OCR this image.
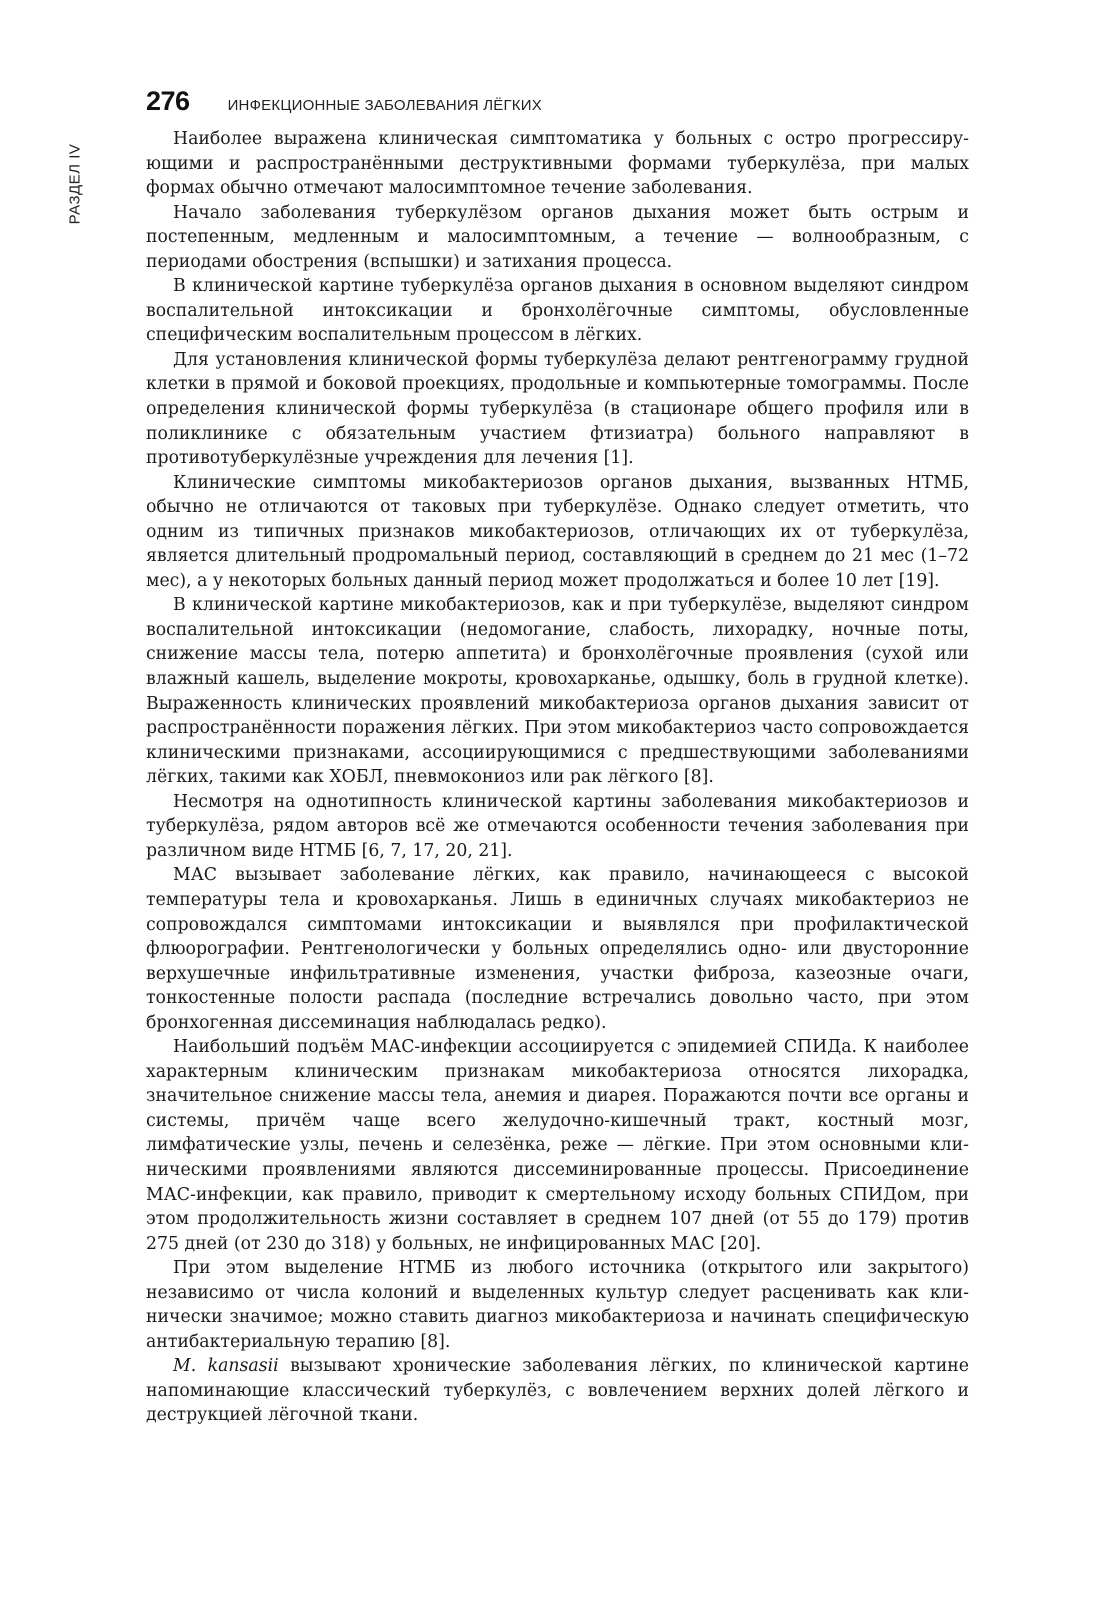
РАЗДЕЛ IV
276	ИНФЕКЦИОННЫЕ ЗАБОЛЕВАНИЯ ЛЁГКИХ

Наиболее выражена клиническая симптоматика у больных с остро прогрессирующими и распространёнными деструктивными формами туберкулёза, при малых формах обычно отмечают малосимптомное течение заболевания.

Начало заболевания туберкулёзом органов дыхания может быть острым и постепенным, медленным и малосимптомным, а течение — волнообразным, с периодами обострения (вспышки) и затихания процесса.

В клинической картине туберкулёза органов дыхания в основном выделяют синдром воспалительной интоксикации и бронхолёгочные симптомы, обусловленные специфическим воспалительным процессом в лёгких.

Для установления клинической формы туберкулёза делают рентгенограмму грудной клетки в прямой и боковой проекциях, продольные и компьютерные томограммы. После определения клинической формы туберкулёза (в стационаре общего профиля или в поликлинике с обязательным участием фтизиатра) больного направляют в противотуберкулёзные учреждения для лечения [1].

Клинические симптомы микобактериозов органов дыхания, вызванных НТМБ, обычно не отличаются от таковых при туберкулёзе. Однако следует отметить, что одним из типичных признаков микобактериозов, отличающих их от туберкулёза, является длительный продромальный период, составляющий в среднем до 21 мес (1–72 мес), а у некоторых больных данный период может продолжаться и более 10 лет [19].

В клинической картине микобактериозов, как и при туберкулёзе, выделяют синдром воспалительной интоксикации (недомогание, слабость, лихорадку, ночные поты, снижение массы тела, потерю аппетита) и бронхолёгочные проявления (сухой или влажный кашель, выделение мокроты, кровохарканье, одышку, боль в грудной клетке). Выраженность клинических проявлений микобактериоза органов дыхания зависит от распространённости поражения лёгких. При этом микобактериоз часто сопровождается клиническими признаками, ассоциирующимися с предшествующими заболеваниями лёгких, такими как ХОБЛ, пневмокониоз или рак лёгкого [8].

Несмотря на однотипность клинической картины заболевания микобактериозов и туберкулёза, рядом авторов всё же отмечаются особенности течения заболевания при различном виде НТМБ [6, 7, 17, 20, 21].

МАС вызывает заболевание лёгких, как правило, начинающееся с высокой температуры тела и кровохарканья. Лишь в единичных случаях микобактериоз не сопровождался симптомами интоксикации и выявлялся при профилактической флюорографии. Рентгенологически у больных определялись одно- или двусторонние верхушечные инфильтративные изменения, участки фиброза, казеозные очаги, тонкостенные полости распада (последние встречались довольно часто, при этом бронхогенная диссеминация наблюдалась редко).

Наибольший подъём МАС-инфекции ассоциируется с эпидемией СПИДа. К наиболее характерным клиническим признакам микобактериоза относятся лихорадка, значительное снижение массы тела, анемия и диарея. Поражаются почти все органы и системы, причём чаще всего желудочно-кишечный тракт, костный мозг, лимфатические узлы, печень и селезёнка, реже — лёгкие. При этом основными клиническими проявлениями являются диссеминированные процессы. Присоединение МАС-инфекции, как правило, приводит к смертельному исходу больных СПИДом, при этом продолжительность жизни составляет в среднем 107 дней (от 55 до 179) против 275 дней (от 230 до 318) у больных, не инфицированных МАС [20].

При этом выделение НТМБ из любого источника (открытого или закрытого) независимо от числа колоний и выделенных культур следует расценивать как клинически значимое; можно ставить диагноз микобактериоза и начинать специфическую антибактериальную терапию [8].

M. kansasii вызывают хронические заболевания лёгких, по клинической картине напоминающие классический туберкулёз, с вовлечением верхних долей лёгкого и деструкцией лёгочной ткани.
